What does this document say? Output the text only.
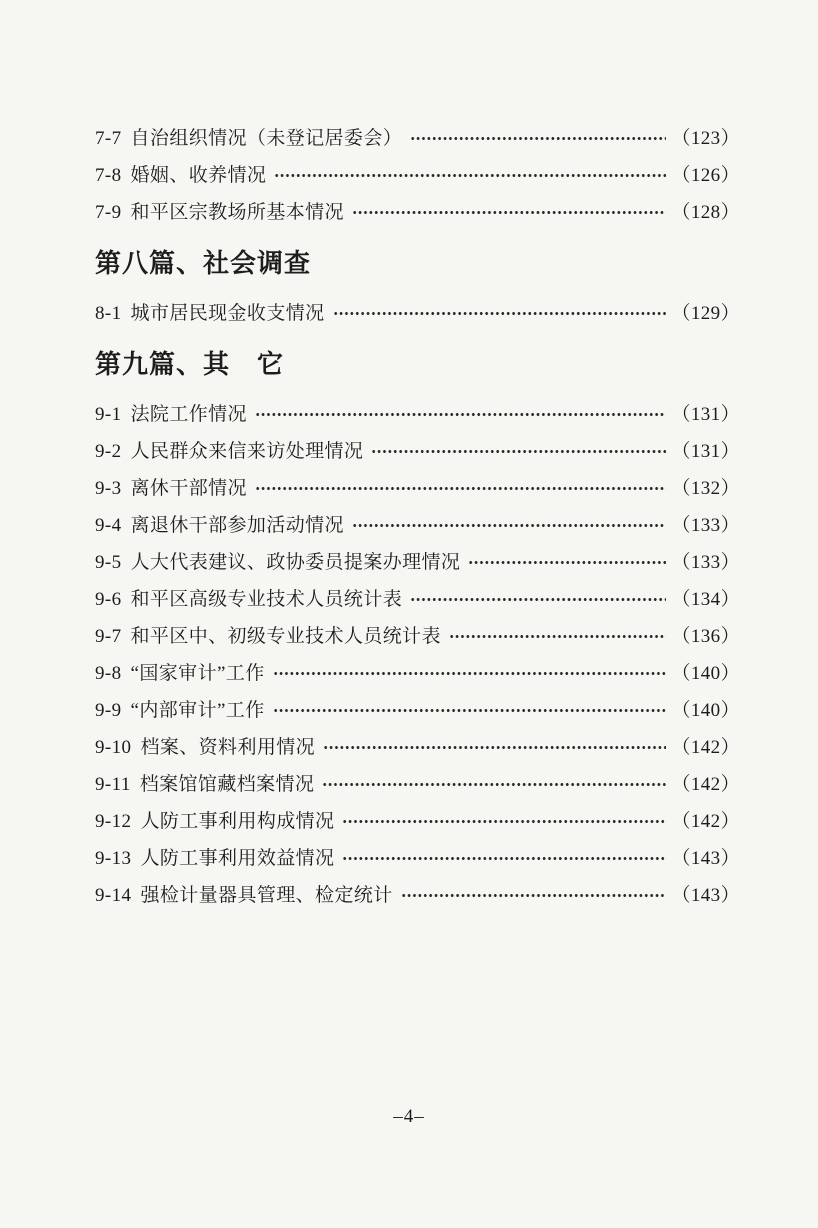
7-7 自治组织情况（未登记居委会）	（123）
7-8 婚姻、收养情况	（126）
7-9 和平区宗教场所基本情况	（128）
第八篇、社会调查
8-1 城市居民现金收支情况	（129）
第九篇、其　它
9-1 法院工作情况	（131）
9-2 人民群众来信来访处理情况	（131）
9-3 离休干部情况	（132）
9-4 离退休干部参加活动情况	（133）
9-5 人大代表建议、政协委员提案办理情况	（133）
9-6 和平区高级专业技术人员统计表	（134）
9-7 和平区中、初级专业技术人员统计表	（136）
9-8 “国家审计”工作	（140）
9-9 “内部审计”工作	（140）
9-10 档案、资料利用情况	（142）
9-11 档案馆馆藏档案情况	（142）
9-12 人防工事利用构成情况	（142）
9-13 人防工事利用效益情况	（143）
9-14 强检计量器具管理、检定统计	（143）
–4–
